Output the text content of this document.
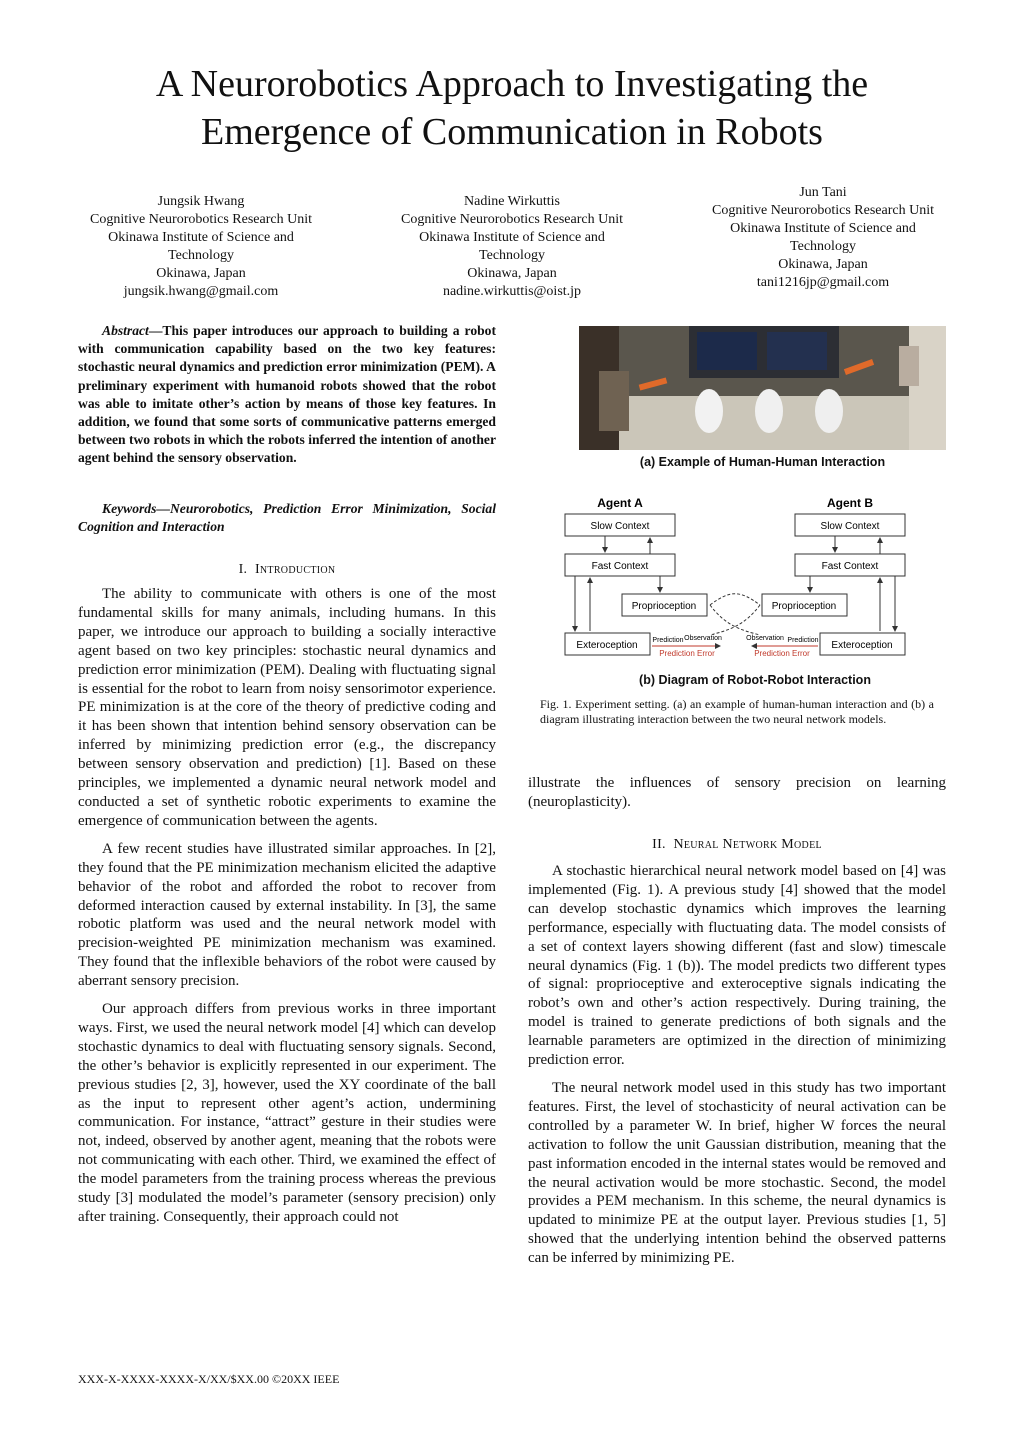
A Neurorobotics Approach to Investigating the
Emergence of Communication in Robots
Jungsik Hwang
Cognitive Neurorobotics Research Unit
Okinawa Institute of Science and
Technology
Okinawa, Japan
jungsik.hwang@gmail.com
Nadine Wirkuttis
Cognitive Neurorobotics Research Unit
Okinawa Institute of Science and
Technology
Okinawa, Japan
nadine.wirkuttis@oist.jp
Jun Tani
Cognitive Neurorobotics Research Unit
Okinawa Institute of Science and
Technology
Okinawa, Japan
tani1216jp@gmail.com
Abstract—This paper introduces our approach to building a robot with communication capability based on the two key features: stochastic neural dynamics and prediction error minimization (PEM). A preliminary experiment with humanoid robots showed that the robot was able to imitate other’s action by means of those key features. In addition, we found that some sorts of communicative patterns emerged between two robots in which the robots inferred the intention of another agent behind the sensory observation.
Keywords—Neurorobotics, Prediction Error Minimization, Social Cognition and Interaction
I. Introduction

The ability to communicate with others is one of the most fundamental skills for many animals, including humans. In this paper, we introduce our approach to building a socially interactive agent based on two key principles: stochastic neural dynamics and prediction error minimization (PEM). Dealing with fluctuating signal is essential for the robot to learn from noisy sensorimotor experience. PE minimization is at the core of the theory of predictive coding and it has been shown that intention behind sensory observation can be inferred by minimizing prediction error (e.g., the discrepancy between sensory observation and prediction) [1]. Based on these principles, we implemented a dynamic neural network model and conducted a set of synthetic robotic experiments to examine the emergence of communication between the agents.

A few recent studies have illustrated similar approaches. In [2], they found that the PE minimization mechanism elicited the adaptive behavior of the robot and afforded the robot to recover from deformed interaction caused by external instability. In [3], the same robotic platform was used and the neural network model with precision-weighted PE minimization mechanism was examined. They found that the inflexible behaviors of the robot were caused by aberrant sensory precision.

Our approach differs from previous works in three important ways. First, we used the neural network model [4] which can develop stochastic dynamics to deal with fluctuating sensory signals. Second, the other’s behavior is explicitly represented in our experiment. The previous studies [2, 3], however, used the XY coordinate of the ball as the input to represent other agent’s action, undermining communication. For instance, “attract” gesture in their studies were not, indeed, observed by another agent, meaning that the robots were not communicating with each other. Third, we examined the effect of the model parameters from the training process whereas the previous study [3] modulated the model’s parameter (sensory precision) only after training. Consequently, their approach could not

(a) Example of Human-Human Interaction
Agent A	Agent B
Slow Context
Fast Context
Proprioception
Exteroception
Slow Context
Fast Context
Proprioception
Exteroception
Prediction Observation	Observation Prediction
Prediction Error	Prediction Error
(b) Diagram of Robot-Robot Interaction
Fig. 1. Experiment setting. (a) an example of human-human interaction and (b) a diagram illustrating interaction between the two neural network models.

illustrate the influences of sensory precision on learning (neuroplasticity).

II. Neural Network Model

A stochastic hierarchical neural network model based on [4] was implemented (Fig. 1). A previous study [4] showed that the model can develop stochastic dynamics which improves the learning performance, especially with fluctuating data. The model consists of a set of context layers showing different (fast and slow) timescale neural dynamics (Fig. 1 (b)). The model predicts two different types of signal: proprioceptive and exteroceptive signals indicating the robot’s own and other’s action respectively. During training, the model is trained to generate predictions of both signals and the learnable parameters are optimized in the direction of minimizing prediction error.

The neural network model used in this study has two important features. First, the level of stochasticity of neural activation can be controlled by a parameter W. In brief, higher W forces the neural activation to follow the unit Gaussian distribution, meaning that the past information encoded in the internal states would be removed and the neural activation would be more stochastic. Second, the model provides a PEM mechanism. In this scheme, the neural dynamics is updated to minimize PE at the output layer. Previous studies [1, 5] showed that the underlying intention behind the observed patterns can be inferred by minimizing PE.

XXX-X-XXXX-XXXX-X/XX/$XX.00 ©20XX IEEE
